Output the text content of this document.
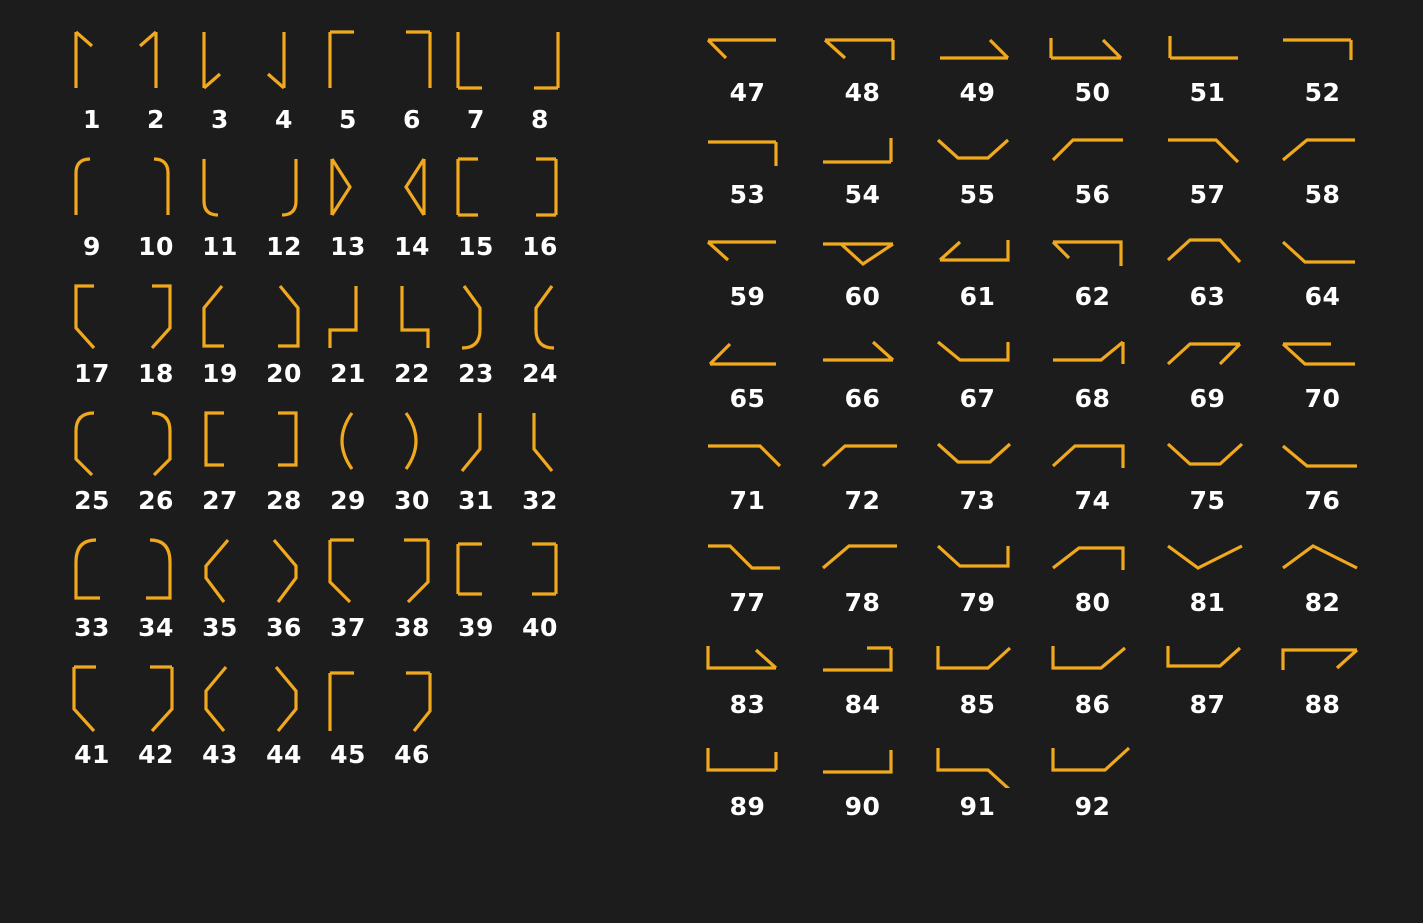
1 2 3 4 5 6 7 8
9 10 11 12 13 14 15 16
17 18 19 20 21 22 23 24
25 26 27 28 29 30 31 32
33 34 35 36 37 38 39 40
41 42 43 44 45 46
47	48	49	50	51	52
53	54	55	56	57	58
59	60	61	62	63	64
65	66	67	68	69	70
71	72	73	74	75	76
77	78	79	80	81	82
83	84	85	86	87	88
89	90	91	92
